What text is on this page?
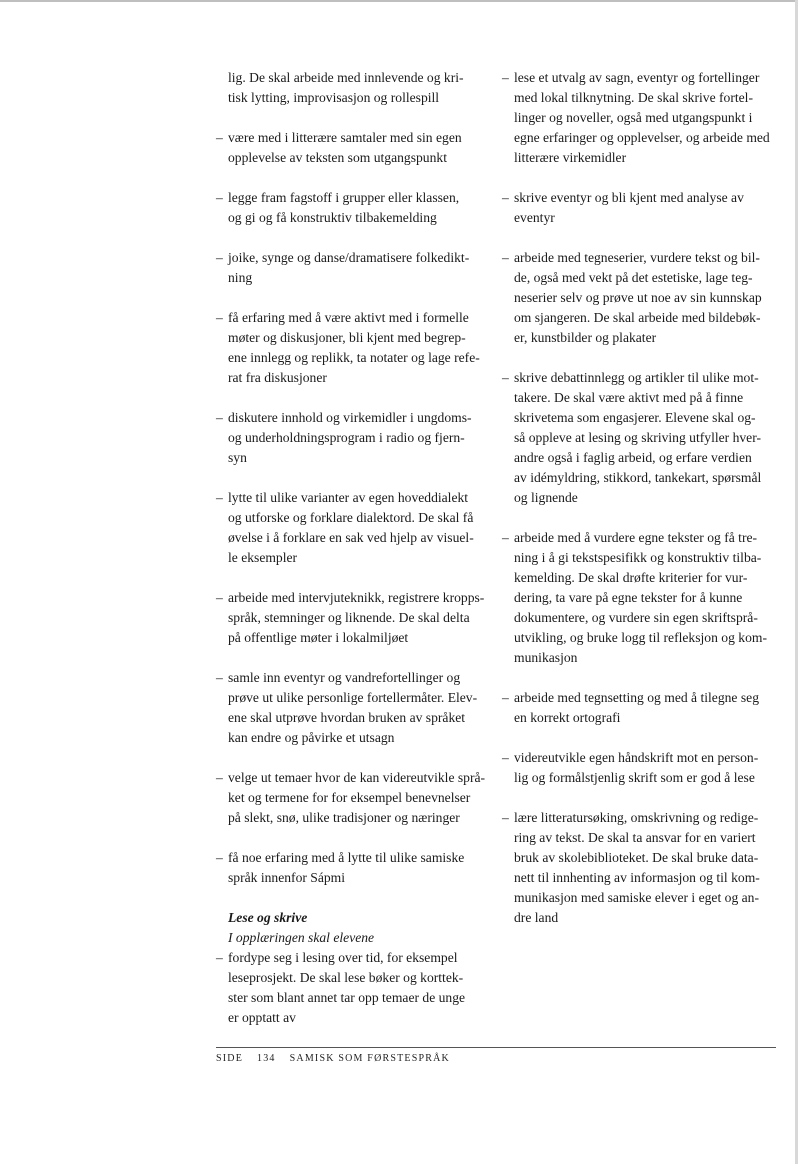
lig. De skal arbeide med innlevende og kri-
tisk lytting, improvisasjon og rollespill
– være med i litterære samtaler med sin egen
opplevelse av teksten som utgangspunkt
– legge fram fagstoff i grupper eller klassen,
og gi og få konstruktiv tilbakemelding
– joike, synge og danse/dramatisere folkedikt-
ning
– få erfaring med å være aktivt med i formelle
møter og diskusjoner, bli kjent med begrep-
ene innlegg og replikk, ta notater og lage refe-
rat fra diskusjoner
– diskutere innhold og virkemidler i ungdoms-
og underholdningsprogram i radio og fjern-
syn
– lytte til ulike varianter av egen hoveddialekt
og utforske og forklare dialektord. De skal få
øvelse i å forklare en sak ved hjelp av visuel-
le eksempler
– arbeide med intervjuteknikk, registrere kropps-
språk, stemninger og liknende. De skal delta
på offentlige møter i lokalmiljøet
– samle inn eventyr og vandrefortellinger og
prøve ut ulike personlige fortellermåter. Elev-
ene skal utprøve hvordan bruken av språket
kan endre og påvirke et utsagn
– velge ut temaer hvor de kan videreutvikle språ-
ket og termene for for eksempel benevnelser
på slekt, snø, ulike tradisjoner og næringer
– få noe erfaring med å lytte til ulike samiske
språk innenfor Sápmi
Lese og skrive
I opplæringen skal elevene
– fordype seg i lesing over tid, for eksempel
leseprosjekt. De skal lese bøker og korttek-
ster som blant annet tar opp temaer de unge
er opptatt av
– lese et utvalg av sagn, eventyr og fortellinger
med lokal tilknytning. De skal skrive fortel-
linger og noveller, også med utgangspunkt i
egne erfaringer og opplevelser, og arbeide med
litterære virkemidler
– skrive eventyr og bli kjent med analyse av
eventyr
– arbeide med tegneserier, vurdere tekst og bil-
de, også med vekt på det estetiske, lage teg-
neserier selv og prøve ut noe av sin kunnskap
om sjangeren. De skal arbeide med bildebøk-
er, kunstbilder og plakater
– skrive debattinnlegg og artikler til ulike mot-
takere. De skal være aktivt med på å finne
skrivetema som engasjerer. Elevene skal og-
så oppleve at lesing og skriving utfyller hver-
andre også i faglig arbeid, og erfare verdien
av idémyldring, stikkord, tankekart, spørsmål
og lignende
– arbeide med å vurdere egne tekster og få tre-
ning i å gi tekstspesifikk og konstruktiv tilba-
kemelding. De skal drøfte kriterier for vur-
dering, ta vare på egne tekster for å kunne
dokumentere, og vurdere sin egen skriftsprå-
utvikling, og bruke logg til refleksjon og kom-
munikasjon
– arbeide med tegnsetting og med å tilegne seg
en korrekt ortografi
– videreutvikle egen håndskrift mot en person-
lig og formålstjenlig skrift som er god å lese
– lære litteratursøking, omskrivning og redige-
ring av tekst. De skal ta ansvar for en variert
bruk av skolebiblioteket. De skal bruke data-
nett til innhenting av informasjon og til kom-
munikasjon med samiske elever i eget og an-
dre land
SIDE 134 SAMISK SOM FØRSTESPRÅK
